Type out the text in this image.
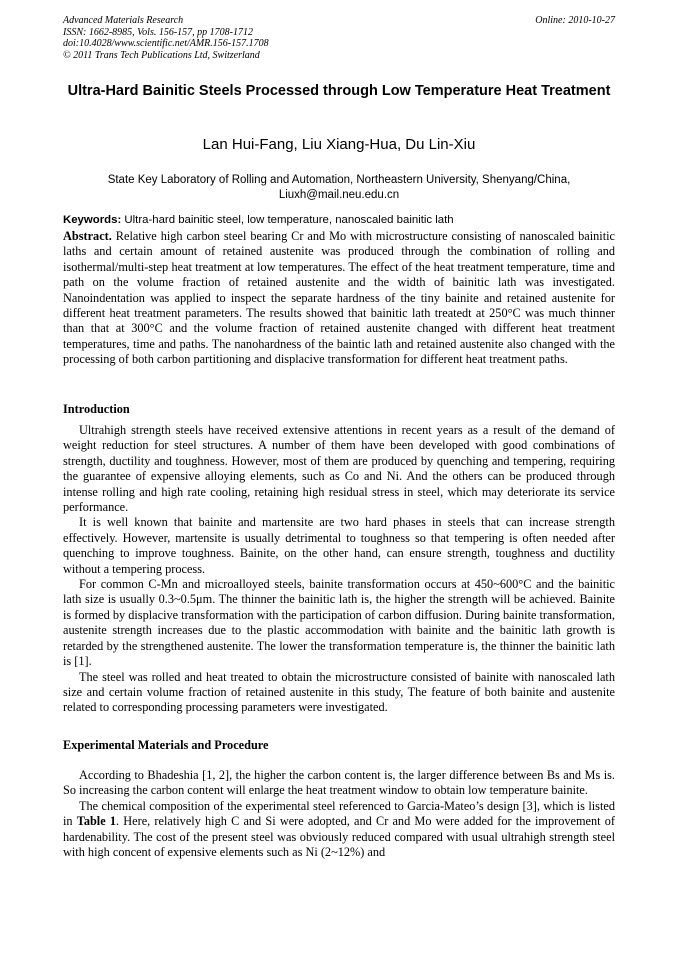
Advanced Materials Research
ISSN: 1662-8985, Vols. 156-157, pp 1708-1712
doi:10.4028/www.scientific.net/AMR.156-157.1708
© 2011 Trans Tech Publications Ltd, Switzerland
Online: 2010-10-27
Ultra-Hard Bainitic Steels Processed through Low Temperature Heat Treatment
Lan Hui-Fang, Liu Xiang-Hua, Du Lin-Xiu
State Key Laboratory of Rolling and Automation, Northeastern University, Shenyang/China,
Liuxh@mail.neu.edu.cn
Keywords: Ultra-hard bainitic steel, low temperature, nanoscaled bainitic lath

Abstract. Relative high carbon steel bearing Cr and Mo with microstructure consisting of nanoscaled bainitic laths and certain amount of retained austenite was produced through the combination of rolling and isothermal/multi-step heat treatment at low temperatures. The effect of the heat treatment temperature, time and path on the volume fraction of retained austenite and the width of bainitic lath was investigated. Nanoindentation was applied to inspect the separate hardness of the tiny bainite and retained austenite for different heat treatment parameters. The results showed that bainitic lath treatedt at 250°C was much thinner than that at 300°C and the volume fraction of retained austenite changed with different heat treatment temperatures, time and paths. The nanohardness of the baintic lath and retained austenite also changed with the processing of both carbon partitioning and displacive transformation for different heat treatment paths.

Introduction

Ultrahigh strength steels have received extensive attentions in recent years as a result of the demand of weight reduction for steel structures. A number of them have been developed with good combinations of strength, ductility and toughness. However, most of them are produced by quenching and tempering, requiring the guarantee of expensive alloying elements, such as Co and Ni. And the others can be produced through intense rolling and high rate cooling, retaining high residual stress in steel, which may deteriorate its service performance.

It is well known that bainite and martensite are two hard phases in steels that can increase strength effectively. However, martensite is usually detrimental to toughness so that tempering is often needed after quenching to improve toughness. Bainite, on the other hand, can ensure strength, toughness and ductility without a tempering process.

For common C-Mn and microalloyed steels, bainite transformation occurs at 450~600°C and the bainitic lath size is usually 0.3~0.5μm. The thinner the bainitic lath is, the higher the strength will be achieved. Bainite is formed by displacive transformation with the participation of carbon diffusion. During bainite transformation, austenite strength increases due to the plastic accommodation with bainite and the bainitic lath growth is retarded by the strengthened austenite. The lower the transformation temperature is, the thinner the bainitic lath is [1].

The steel was rolled and heat treated to obtain the microstructure consisted of bainite with nanoscaled lath size and certain volume fraction of retained austenite in this study, The feature of both bainite and austenite related to corresponding processing parameters were investigated.

Experimental Materials and Procedure

According to Bhadeshia [1, 2], the higher the carbon content is, the larger difference between Bs and Ms is. So increasing the carbon content will enlarge the heat treatment window to obtain low temperature bainite.

The chemical composition of the experimental steel referenced to Garcia-Mateo’s design [3], which is listed in Table 1. Here, relatively high C and Si were adopted, and Cr and Mo were added for the improvement of hardenability. The cost of the present steel was obviously reduced compared with usual ultrahigh strength steel with high concent of expensive elements such as Ni (2~12%) and
